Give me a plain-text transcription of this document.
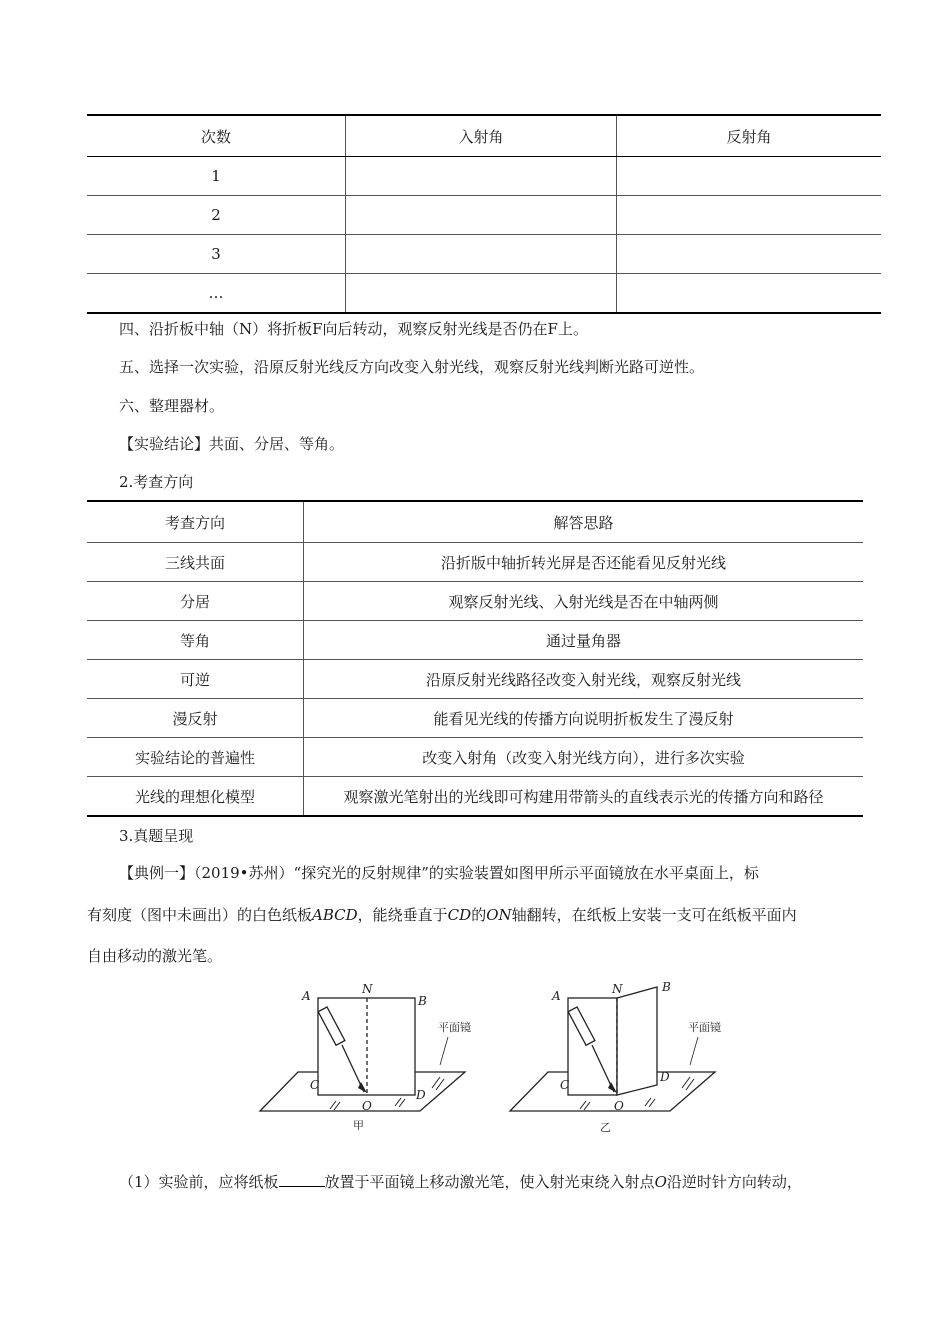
次数	入射角	反射角
1		
2		
3		
…		
四、沿折板中轴（N）将折板F向后转动，观察反射光线是否仍在F上。
五、选择一次实验，沿原反射光线反方向改变入射光线，观察反射光线判断光路可逆性。
六、整理器材。
【实验结论】共面、分居、等角。
2.考查方向
考查方向	解答思路
三线共面	沿折版中轴折转光屏是否还能看见反射光线
分居	观察反射光线、入射光线是否在中轴两侧
等角	通过量角器
可逆	沿原反射光线路径改变入射光线，观察反射光线
漫反射	能看见光线的传播方向说明折板发生了漫反射
实验结论的普遍性	改变入射角（改变入射光线方向），进行多次实验
光线的理想化模型	观察激光笔射出的光线即可构建用带箭头的直线表示光的传播方向和路径
3.真题呈现
【典例一】（2019•苏州）“探究光的反射规律”的实验装置如图甲所示平面镜放在水平桌面上，标
有刻度（图中未画出）的白色纸板ABCD，能绕垂直于CD的ON轴翻转，在纸板上安装一支可在纸板平面内
自由移动的激光笔。
A	N
B
C
O
D
A	N	B
C
O
D
平面镜	平面镜
甲	乙
（1）实验前，应将纸板	放置于平面镜上移动激光笔，使入射光束绕入射点O沿逆时针方向转动，
